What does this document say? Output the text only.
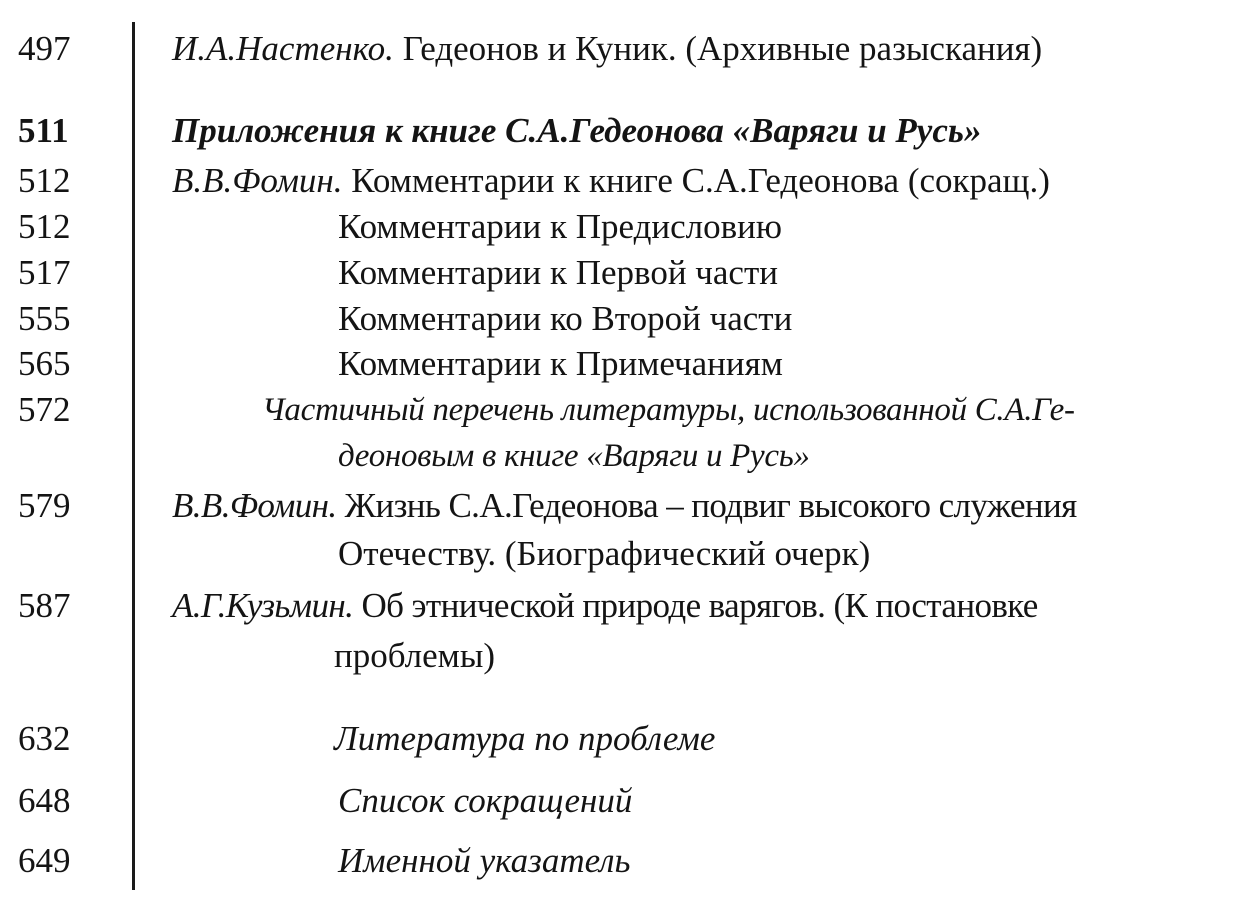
497	И.А.Настенко. Гедеонов и Куник. (Архивные разыскания)
511	Приложения к книге С.А.Гедеонова «Варяги и Русь»
512	В.В.Фомин. Комментарии к книге С.А.Гедеонова (сокращ.)
512	Комментарии к Предисловию
517	Комментарии к Первой части
555	Комментарии ко Второй части
565	Комментарии к Примечаниям
572	Частичный перечень литературы, использованной С.А.Ге-
деоновым в книге «Варяги и Русь»
579	В.В.Фомин. Жизнь С.А.Гедеонова – подвиг высокого служения
Отечеству. (Биографический очерк)
587	А.Г.Кузьмин. Об этнической природе варягов. (К постановке
проблемы)
632	Литература по проблеме
648	Список сокращений
649	Именной указатель
